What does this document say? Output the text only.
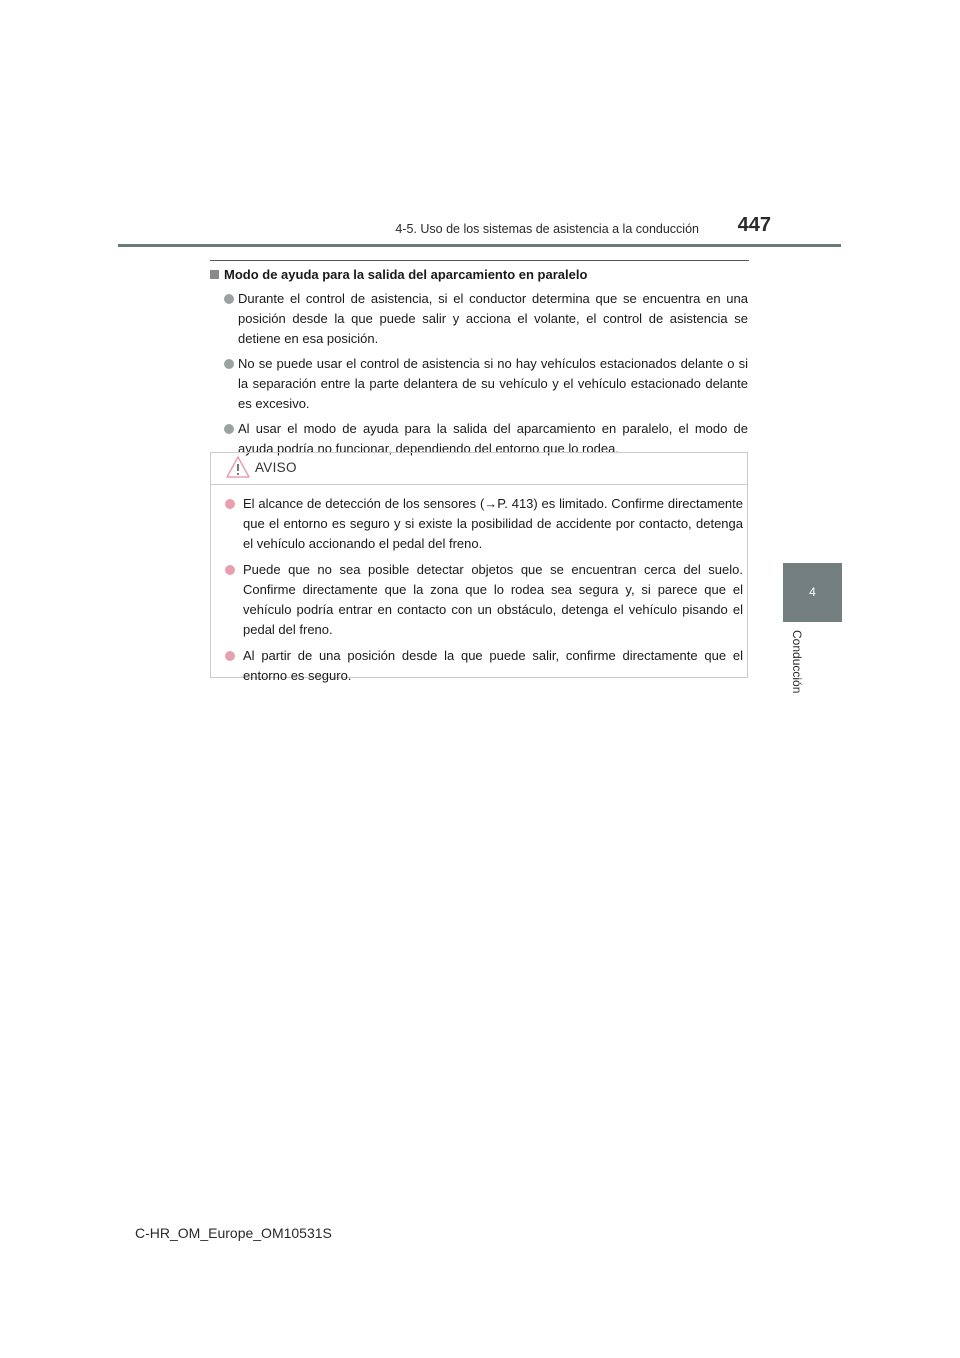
4-5. Uso de los sistemas de asistencia a la conducción 447
4
Conducción
Modo de ayuda para la salida del aparcamiento en paralelo
Durante el control de asistencia, si el conductor determina que se encuentra en una posición desde la que puede salir y acciona el volante, el control de asistencia se detiene en esa posición.
No se puede usar el control de asistencia si no hay vehículos estacionados delante o si la separación entre la parte delantera de su vehículo y el vehículo estacionado delante es excesivo.
Al usar el modo de ayuda para la salida del aparcamiento en paralelo, el modo de ayuda podría no funcionar, dependiendo del entorno que lo rodea.
AVISO
El alcance de detección de los sensores (→P. 413) es limitado. Confirme directamente que el entorno es seguro y si existe la posibilidad de accidente por contacto, detenga el vehículo accionando el pedal del freno.
Puede que no sea posible detectar objetos que se encuentran cerca del suelo. Confirme directamente que la zona que lo rodea sea segura y, si parece que el vehículo podría entrar en contacto con un obstáculo, detenga el vehículo pisando el pedal del freno.
Al partir de una posición desde la que puede salir, confirme directamente que el entorno es seguro.
C-HR_OM_Europe_OM10531S
